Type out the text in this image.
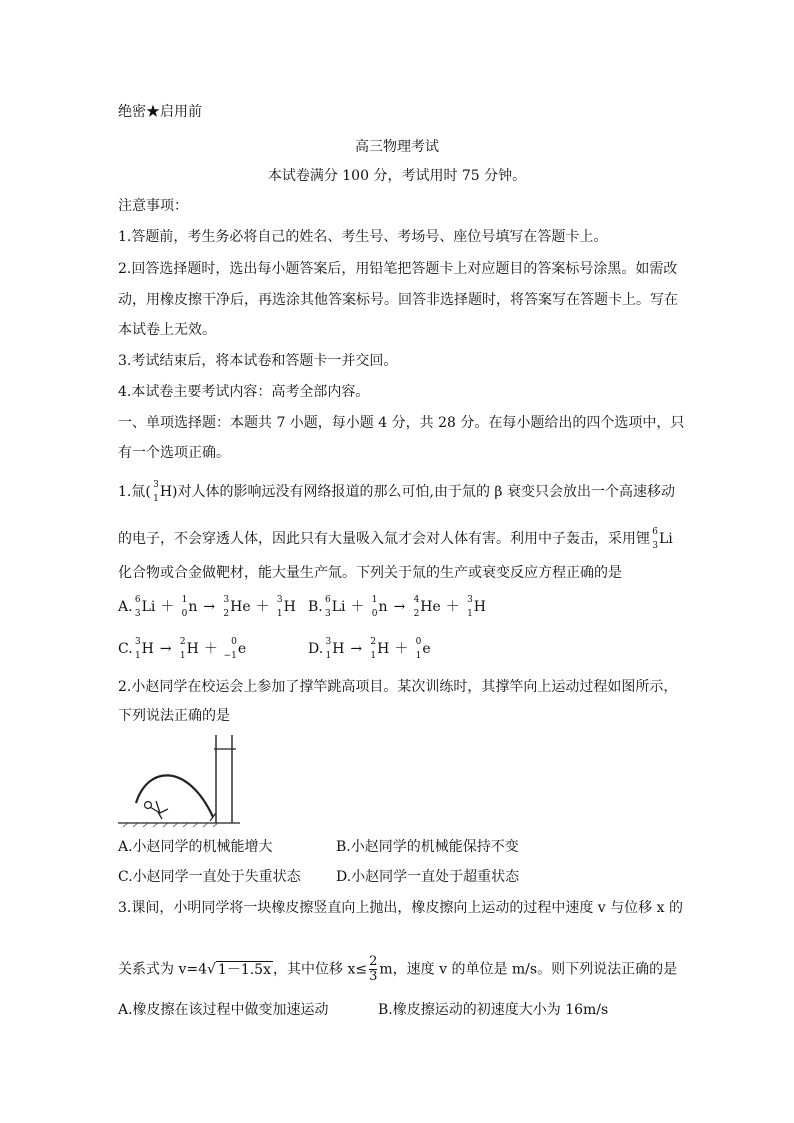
绝密★启用前
高三物理考试
本试卷满分 100 分，考试用时 75 分钟。
注意事项：
1.答题前，考生务必将自己的姓名、考生号、考场号、座位号填写在答题卡上。
2.回答选择题时，选出每小题答案后，用铅笔把答题卡上对应题目的答案标号涂黑。如需改
动，用橡皮擦干净后，再选涂其他答案标号。回答非选择题时，将答案写在答题卡上。写在
本试卷上无效。
3.考试结束后，将本试卷和答题卡一并交回。
4.本试卷主要考试内容：高考全部内容。
一、单项选择题：本题共 7 小题，每小题 4 分，共 28 分。在每小题给出的四个选项中，只
有一个选项正确。
1.氚( 3
1 H)对人体的影响远没有网络报道的那么可怕,由于氚的 β 衰变只会放出一个高速移动
的电子，不会穿透人体，因此只有大量吸入氚才会对人体有害。利用中子轰击，采用锂 6
3 Li
化合物或合金做靶材，能大量生产氚。下列关于氚的生产或衰变反应方程正确的是
A. 6
3 Li ＋ 1
0 n → 3
2 He ＋ 3
1 H B. 6
3 Li ＋ 1
0 n → 4
2 He ＋ 3
1 H
C. 3
1 H → 2
1 H ＋ 0
−1 e	D. 3
1 H → 2
1 H ＋ 0
1 e
2.小赵同学在校运会上参加了撑竿跳高项目。某次训练时，其撑竿向上运动过程如图所示，
下列说法正确的是
A.小赵同学的机械能增大	B.小赵同学的机械能保持不变
C.小赵同学一直处于失重状态	D.小赵同学一直处于超重状态
3.课间，小明同学将一块橡皮擦竖直向上抛出，橡皮擦向上运动的过程中速度 v 与位移 x 的
关系式为 v=4√ 1－1.5x ，其中位移 $x\le \frac{2}{3}$ m，速度 v 的单位是 m/s。则下列说法正确的是
A.橡皮擦在该过程中做变加速运动	B.橡皮擦运动的初速度大小为 16m/s
